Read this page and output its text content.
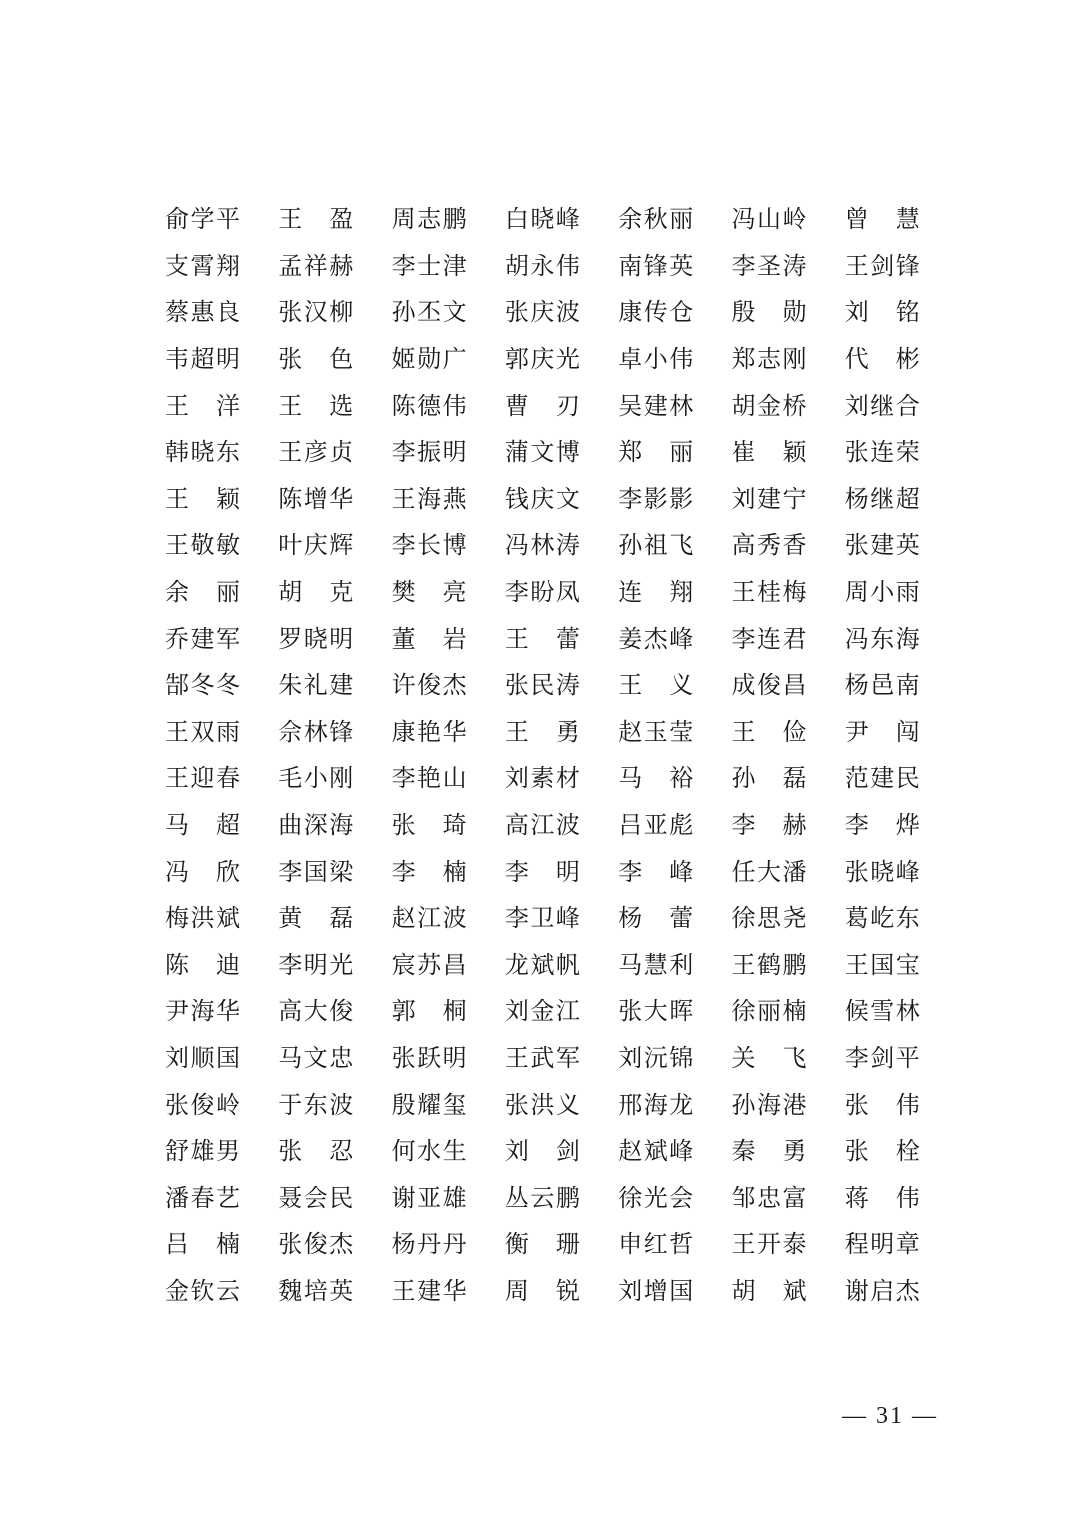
俞 学 平 王 盈 周 志 鹏 白 晓 峰 余 秋 丽 冯 山 岭 曾 慧
支 霄 翔 孟 祥 赫 李 士 津 胡 永 伟 南 锋 英 李 圣 涛 王 剑 锋
蔡 惠 良 张 汉 柳 孙 丕 文 张 庆 波 康 传 仓 殷 勋 刘 铭
韦 超 明 张 色 姬 勋 广 郭 庆 光 卓 小 伟 郑 志 刚 代 彬
王 洋 王 选 陈 德 伟 曹 刃 吴 建 林 胡 金 桥 刘 继 合
韩 晓 东 王 彦 贞 李 振 明 蒲 文 博 郑 丽 崔 颖 张 连 荣
王 颖 陈 增 华 王 海 燕 钱 庆 文 李 影 影 刘 建 宁 杨 继 超
王 敬 敏 叶 庆 辉 李 长 博 冯 林 涛 孙 祖 飞 高 秀 香 张 建 英
余 丽 胡 克 樊 亮 李 盼 凤 连 翔 王 桂 梅 周 小 雨
乔 建 军 罗 晓 明 董 岩 王 蕾 姜 杰 峰 李 连 君 冯 东 海
郜 冬 冬 朱 礼 建 许 俊 杰 张 民 涛 王 义 成 俊 昌 杨 邑 南
王 双 雨 佘 林 锋 康 艳 华 王 勇 赵 玉 莹 王 俭 尹 闯
王 迎 春 毛 小 刚 李 艳 山 刘 素 材 马 裕 孙 磊 范 建 民
马 超 曲 深 海 张 琦 高 江 波 吕 亚 彪 李 赫 李 烨
冯 欣 李 国 梁 李 楠 李 明 李 峰 任 大 潘 张 晓 峰
梅 洪 斌 黄 磊 赵 江 波 李 卫 峰 杨 蕾 徐 思 尧 葛 屹 东
陈 迪 李 明 光 宸 苏 昌 龙 斌 帆 马 慧 利 王 鹤 鹏 王 国 宝
尹 海 华 高 大 俊 郭 桐 刘 金 江 张 大 晖 徐 丽 楠 候 雪 林
刘 顺 国 马 文 忠 张 跃 明 王 武 军 刘 沅 锦 关 飞 李 剑 平
张 俊 岭 于 东 波 殷 耀 玺 张 洪 义 邢 海 龙 孙 海 港 张 伟
舒 雄 男 张 忍 何 水 生 刘 剑 赵 斌 峰 秦 勇 张 栓
潘 春 艺 聂 会 民 谢 亚 雄 丛 云 鹏 徐 光 会 邹 忠 富 蒋 伟
吕 楠 张 俊 杰 杨 丹 丹 衡 珊 申 红 哲 王 开 泰 程 明 章
金 钦 云 魏 培 英 王 建 华 周 锐 刘 增 国 胡 斌 谢 启 杰
— 31 —
